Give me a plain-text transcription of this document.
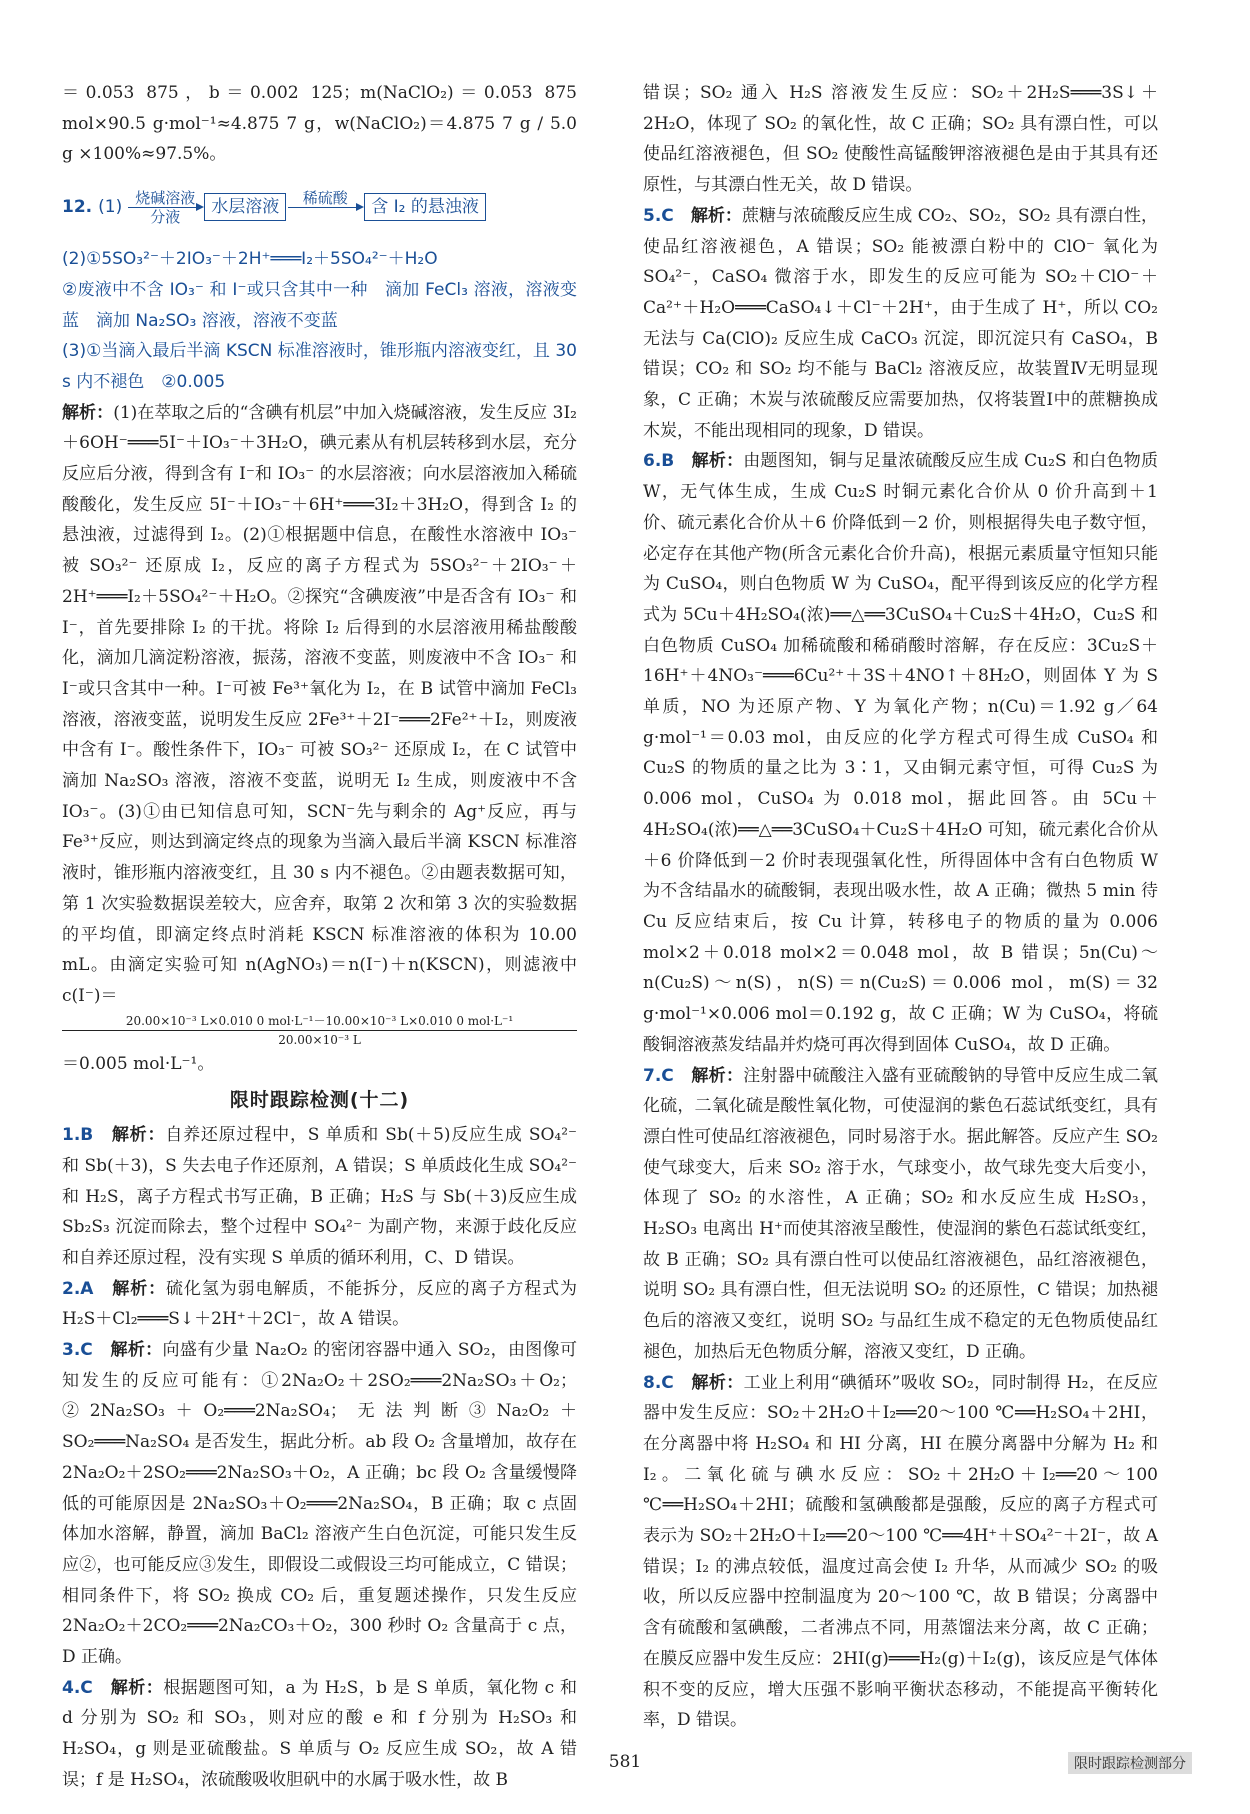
＝0.053 875，b＝0.002 125；m(NaClO₂)＝0.053 875 mol×90.5 g·mol⁻¹≈4.875 7 g，w(NaClO₂)＝4.875 7 g / 5.0 g ×100%≈97.5%。

12. (1) 烧碱溶液
分液	水层溶液	稀硫酸
	含 I₂ 的悬浊液

(2)①5SO₃²⁻＋2IO₃⁻＋2H⁺═══I₂＋5SO₄²⁻＋H₂O

②废液中不含 IO₃⁻ 和 I⁻或只含其中一种　滴加 FeCl₃ 溶液，溶液变蓝　滴加 Na₂SO₃ 溶液，溶液不变蓝

(3)①当滴入最后半滴 KSCN 标准溶液时，锥形瓶内溶液变红，且 30 s 内不褪色　②0.005

解析：(1)在萃取之后的“含碘有机层”中加入烧碱溶液，发生反应 3I₂＋6OH⁻═══5I⁻＋IO₃⁻＋3H₂O，碘元素从有机层转移到水层，充分反应后分液，得到含有 I⁻和 IO₃⁻ 的水层溶液；向水层溶液加入稀硫酸酸化，发生反应 5I⁻＋IO₃⁻＋6H⁺═══3I₂＋3H₂O，得到含 I₂ 的悬浊液，过滤得到 I₂。(2)①根据题中信息，在酸性水溶液中 IO₃⁻ 被 SO₃²⁻ 还原成 I₂，反应的离子方程式为 5SO₃²⁻＋2IO₃⁻＋2H⁺═══I₂＋5SO₄²⁻＋H₂O。②探究“含碘废液”中是否含有 IO₃⁻ 和 I⁻，首先要排除 I₂ 的干扰。将除 I₂ 后得到的水层溶液用稀盐酸酸化，滴加几滴淀粉溶液，振荡，溶液不变蓝，则废液中不含 IO₃⁻ 和 I⁻或只含其中一种。I⁻可被 Fe³⁺氧化为 I₂，在 B 试管中滴加 FeCl₃ 溶液，溶液变蓝，说明发生反应 2Fe³⁺＋2I⁻═══2Fe²⁺＋I₂，则废液中含有 I⁻。酸性条件下，IO₃⁻ 可被 SO₃²⁻ 还原成 I₂，在 C 试管中滴加 Na₂SO₃ 溶液，溶液不变蓝，说明无 I₂ 生成，则废液中不含 IO₃⁻。(3)①由已知信息可知，SCN⁻先与剩余的 Ag⁺反应，再与 Fe³⁺反应，则达到滴定终点的现象为当滴入最后半滴 KSCN 标准溶液时，锥形瓶内溶液变红，且 30 s 内不褪色。②由题表数据可知，第 1 次实验数据误差较大，应舍弃，取第 2 次和第 3 次的实验数据的平均值，即滴定终点时消耗 KSCN 标准溶液的体积为 10.00 mL。由滴定实验可知 n(AgNO₃)＝n(I⁻)＋n(KSCN)，则滤液中 c(I⁻)＝

20.00×10⁻³ L×0.010 0 mol·L⁻¹－10.00×10⁻³ L×0.010 0 mol·L⁻¹
20.00×10⁻³ L

＝0.005 mol·L⁻¹。

限时跟踪检测(十二)

1.B　 解析：自养还原过程中，S 单质和 Sb(＋5)反应生成 SO₄²⁻ 和 Sb(＋3)，S 失去电子作还原剂，A 错误；S 单质歧化生成 SO₄²⁻ 和 H₂S，离子方程式书写正确，B 正确；H₂S 与 Sb(＋3)反应生成 Sb₂S₃ 沉淀而除去，整个过程中 SO₄²⁻ 为副产物，来源于歧化反应和自养还原过程，没有实现 S 单质的循环利用，C、D 错误。

2.A　 解析：硫化氢为弱电解质，不能拆分，反应的离子方程式为 H₂S＋Cl₂═══S↓＋2H⁺＋2Cl⁻，故 A 错误。

3.C　 解析：向盛有少量 Na₂O₂ 的密闭容器中通入 SO₂，由图像可知发生的反应可能有：①2Na₂O₂＋2SO₂═══2Na₂SO₃＋O₂；②2Na₂SO₃＋O₂═══2Na₂SO₄；无法判断③Na₂O₂＋SO₂═══Na₂SO₄ 是否发生，据此分析。ab 段 O₂ 含量增加，故存在 2Na₂O₂＋2SO₂═══2Na₂SO₃＋O₂，A 正确；bc 段 O₂ 含量缓慢降低的可能原因是 2Na₂SO₃＋O₂═══2Na₂SO₄，B 正确；取 c 点固体加水溶解，静置，滴加 BaCl₂ 溶液产生白色沉淀，可能只发生反应②，也可能反应③发生，即假设二或假设三均可能成立，C 错误；相同条件下，将 SO₂ 换成 CO₂ 后，重复题述操作，只发生反应 2Na₂O₂＋2CO₂═══2Na₂CO₃＋O₂，300 秒时 O₂ 含量高于 c 点，D 正确。

4.C　 解析：根据题图可知，a 为 H₂S，b 是 S 单质，氧化物 c 和 d 分别为 SO₂ 和 SO₃，则对应的酸 e 和 f 分别为 H₂SO₃ 和 H₂SO₄，g 则是亚硫酸盐。S 单质与 O₂ 反应生成 SO₂，故 A 错误；f 是 H₂SO₄，浓硫酸吸收胆矾中的水属于吸水性，故 B

错误；SO₂ 通入 H₂S 溶液发生反应：SO₂＋2H₂S═══3S↓＋2H₂O，体现了 SO₂ 的氧化性，故 C 正确；SO₂ 具有漂白性，可以使品红溶液褪色，但 SO₂ 使酸性高锰酸钾溶液褪色是由于其具有还原性，与其漂白性无关，故 D 错误。

5.C　 解析：蔗糖与浓硫酸反应生成 CO₂、SO₂，SO₂ 具有漂白性，使品红溶液褪色，A 错误；SO₂ 能被漂白粉中的 ClO⁻ 氧化为 SO₄²⁻，CaSO₄ 微溶于水，即发生的反应可能为 SO₂＋ClO⁻＋Ca²⁺＋H₂O═══CaSO₄↓＋Cl⁻＋2H⁺，由于生成了 H⁺，所以 CO₂ 无法与 Ca(ClO)₂ 反应生成 CaCO₃ 沉淀，即沉淀只有 CaSO₄，B 错误；CO₂ 和 SO₂ 均不能与 BaCl₂ 溶液反应，故装置Ⅳ无明显现象，C 正确；木炭与浓硫酸反应需要加热，仅将装置Ⅰ中的蔗糖换成木炭，不能出现相同的现象，D 错误。

6.B　 解析：由题图知，铜与足量浓硫酸反应生成 Cu₂S 和白色物质 W，无气体生成，生成 Cu₂S 时铜元素化合价从 0 价升高到＋1 价、硫元素化合价从＋6 价降低到－2 价，则根据得失电子数守恒，必定存在其他产物(所含元素化合价升高)，根据元素质量守恒知只能为 CuSO₄，则白色物质 W 为 CuSO₄，配平得到该反应的化学方程式为 5Cu＋4H₂SO₄(浓)══△══3CuSO₄＋Cu₂S＋4H₂O，Cu₂S 和白色物质 CuSO₄ 加稀硫酸和稀硝酸时溶解，存在反应：3Cu₂S＋16H⁺＋4NO₃⁻═══6Cu²⁺＋3S＋4NO↑＋8H₂O，则固体 Y 为 S 单质，NO 为还原产物、Y 为氧化产物；n(Cu)＝1.92 g／64 g·mol⁻¹＝0.03 mol，由反应的化学方程式可得生成 CuSO₄ 和 Cu₂S 的物质的量之比为 3∶1，又由铜元素守恒，可得 Cu₂S 为 0.006 mol，CuSO₄ 为 0.018 mol，据此回答。由 5Cu＋4H₂SO₄(浓)══△══3CuSO₄＋Cu₂S＋4H₂O 可知，硫元素化合价从＋6 价降低到－2 价时表现强氧化性，所得固体中含有白色物质 W 为不含结晶水的硫酸铜，表现出吸水性，故 A 正确；微热 5 min 待 Cu 反应结束后，按 Cu 计算，转移电子的物质的量为 0.006 mol×2＋0.018 mol×2＝0.048 mol，故 B 错误；5n(Cu)～n(Cu₂S)～n(S)，n(S)＝n(Cu₂S)＝0.006 mol，m(S)＝32 g·mol⁻¹×0.006 mol＝0.192 g，故 C 正确；W 为 CuSO₄，将硫酸铜溶液蒸发结晶并灼烧可再次得到固体 CuSO₄，故 D 正确。

7.C　 解析：注射器中硫酸注入盛有亚硫酸钠的导管中反应生成二氧化硫，二氧化硫是酸性氧化物，可使湿润的紫色石蕊试纸变红，具有漂白性可使品红溶液褪色，同时易溶于水。据此解答。反应产生 SO₂ 使气球变大，后来 SO₂ 溶于水，气球变小，故气球先变大后变小，体现了 SO₂ 的水溶性，A 正确；SO₂ 和水反应生成 H₂SO₃，H₂SO₃ 电离出 H⁺而使其溶液呈酸性，使湿润的紫色石蕊试纸变红，故 B 正确；SO₂ 具有漂白性可以使品红溶液褪色，品红溶液褪色，说明 SO₂ 具有漂白性，但无法说明 SO₂ 的还原性，C 错误；加热褪色后的溶液又变红，说明 SO₂ 与品红生成不稳定的无色物质使品红褪色，加热后无色物质分解，溶液又变红，D 正确。

8.C　 解析：工业上利用“碘循环”吸收 SO₂，同时制得 H₂，在反应器中发生反应：SO₂＋2H₂O＋I₂══20～100 ℃══H₂SO₄＋2HI，在分离器中将 H₂SO₄ 和 HI 分离，HI 在膜分离器中分解为 H₂ 和 I₂。二氧化硫与碘水反应：SO₂＋2H₂O＋I₂══20～100 ℃══H₂SO₄＋2HI；硫酸和氢碘酸都是强酸，反应的离子方程式可表示为 SO₂＋2H₂O＋I₂══20～100 ℃══4H⁺＋SO₄²⁻＋2I⁻，故 A 错误；I₂ 的沸点较低，温度过高会使 I₂ 升华，从而减少 SO₂ 的吸收，所以反应器中控制温度为 20～100 ℃，故 B 错误；分离器中含有硫酸和氢碘酸，二者沸点不同，用蒸馏法来分离，故 C 正确；在膜反应器中发生反应：2HI(g)═══H₂(g)＋I₂(g)，该反应是气体体积不变的反应，增大压强不影响平衡状态移动，不能提高平衡转化率，D 错误。

581	限时跟踪检测部分
